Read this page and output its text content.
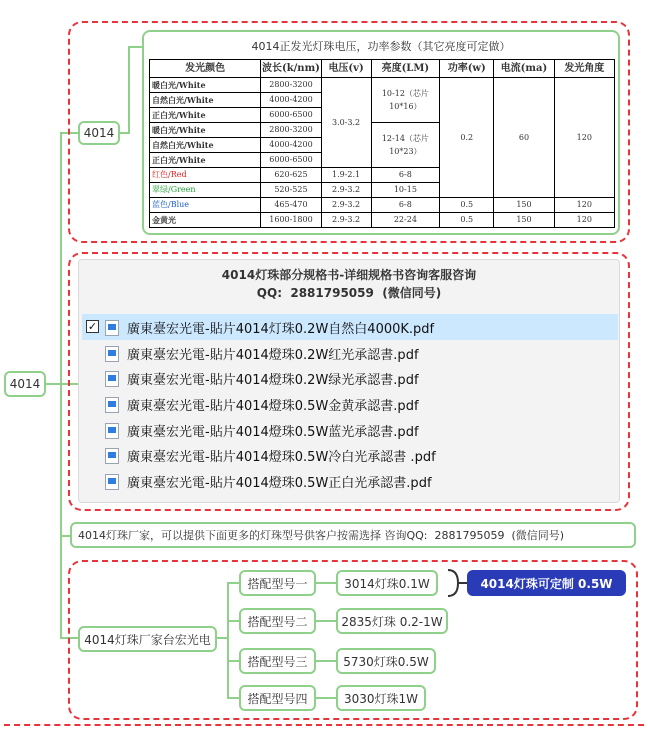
4014
4014
4014正发光灯珠电压，功率参数（其它亮度可定做）
发光颜色	波长(k/nm)	电压(v)	亮度(LM)	功率(w)	电流(ma)	发光角度
暖白光/White	2800-3200	3.0-3.2	10-12（芯片10*16）	0.2	60	120
自然白光/White	4000-4200					
正白光/White	6000-6500					
暖白光/White	2800-3200		12-14（芯片10*23）			
自然白光/White	4000-4200					
正白光/White	6000-6500					
红色/Red	620-625	1.9-2.1	6-8			
翠绿/Green	520-525	2.9-3.2	10-15			
蓝色/Blue	465-470	2.9-3.2	6-8	0.5	150	120
金黄光	1600-1800	2.9-3.2	22-24	0.5	150	120
4014灯珠部分规格书-详细规格书咨询客服咨询
QQ:  2881795059  (微信同号)
✓ 廣東臺宏光電-貼片4014灯珠0.2W自然白4000K.pdf
廣東臺宏光電-貼片4014燈珠0.2W红光承認書.pdf
廣東臺宏光電-貼片4014燈珠0.2W绿光承認書.pdf
廣東臺宏光電-貼片4014燈珠0.5W金黄承認書.pdf
廣東臺宏光電-貼片4014燈珠0.5W蓝光承認書.pdf
廣東臺宏光電-貼片4014燈珠0.5W冷白光承認書 .pdf
廣東臺宏光電-貼片4014燈珠0.5W正白光承認書.pdf
4014灯珠厂家，可以提供下面更多的灯珠型号供客户按需选择 咨询QQ:  2881795059  (微信同号)
4014灯珠厂家台宏光电
搭配型号一	3014灯珠0.1W
搭配型号二	2835灯珠 0.2-1W
搭配型号三	5730灯珠0.5W
搭配型号四	3030灯珠1W
4014灯珠可定制 0.5W
